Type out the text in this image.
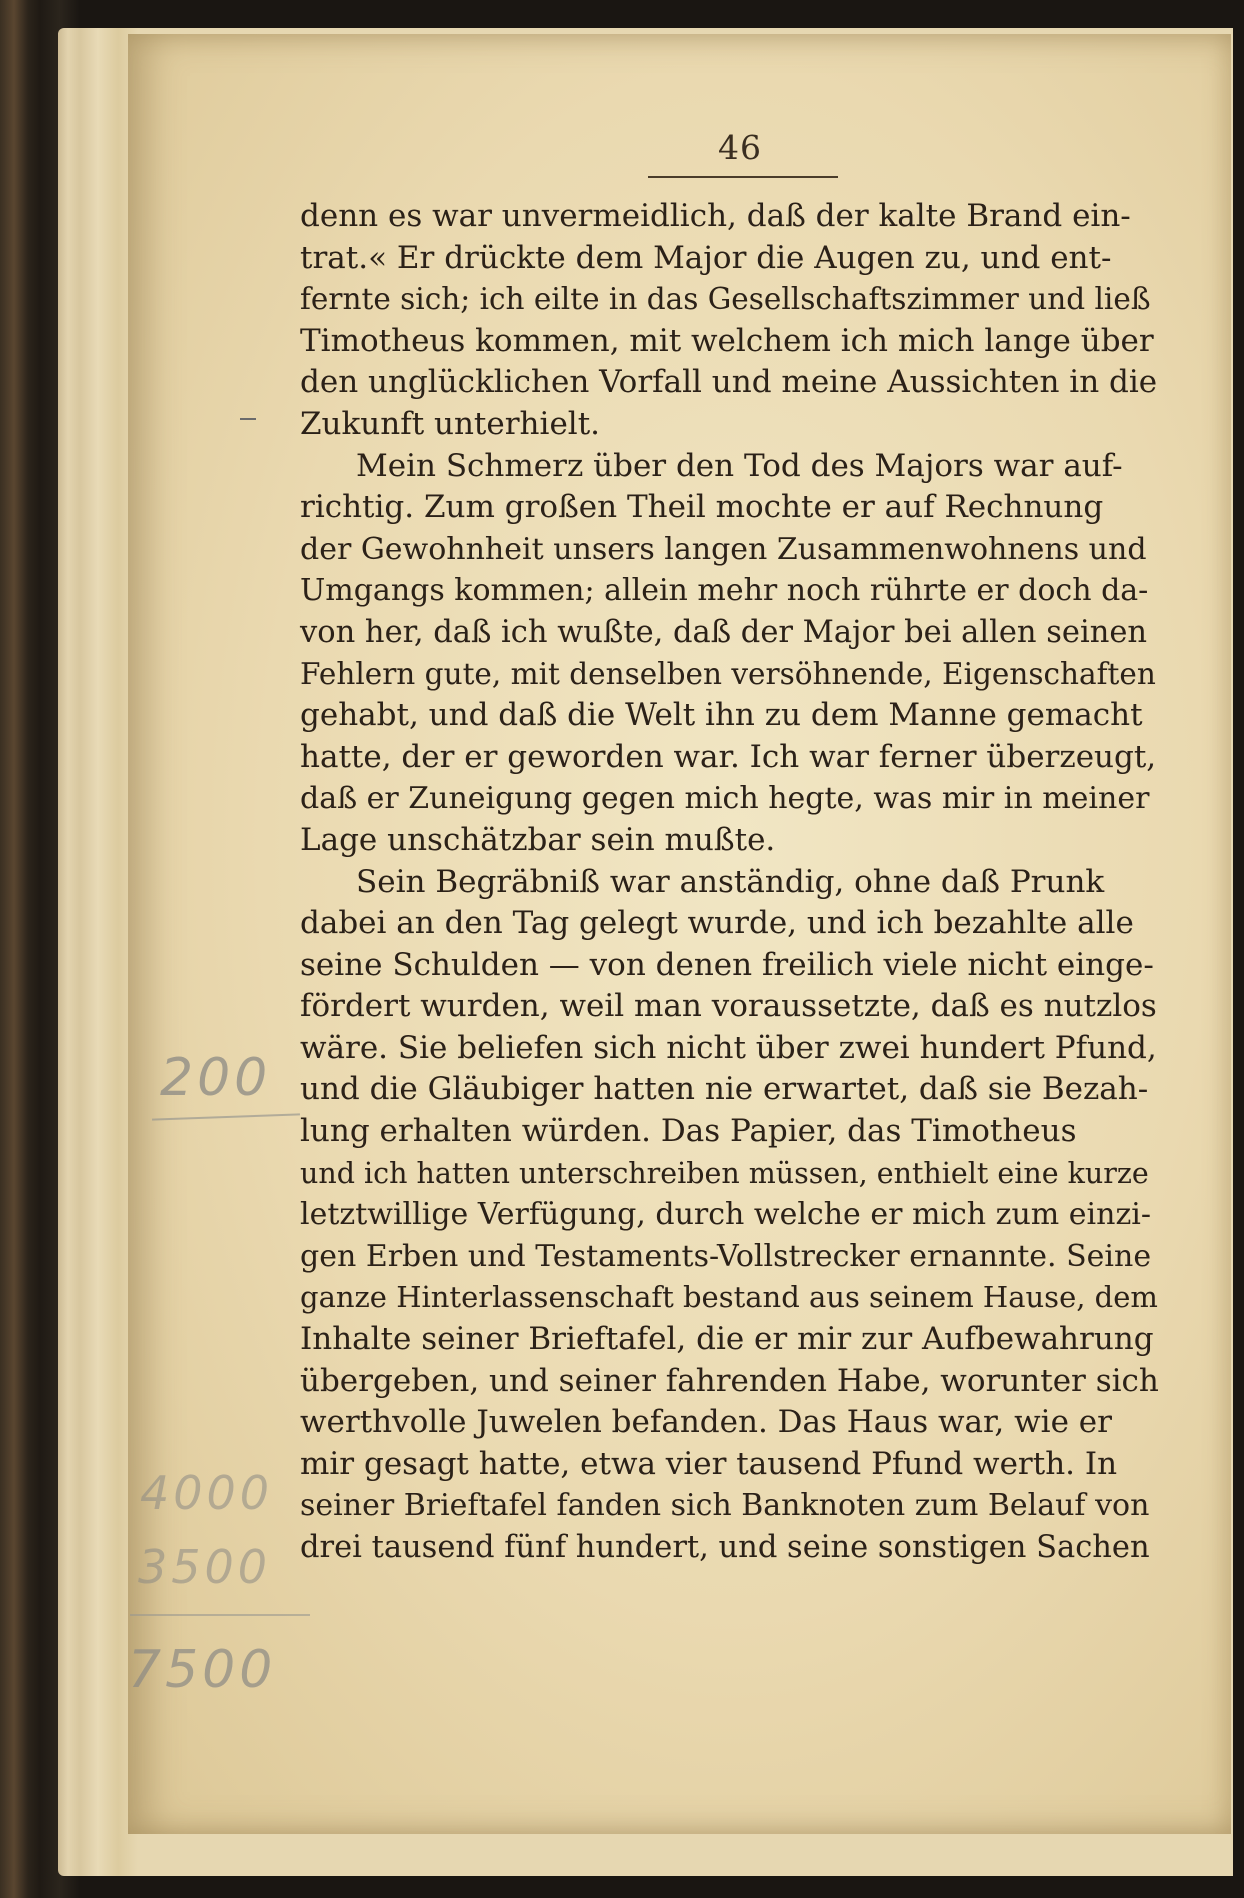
46
200
4000
3500
7500
denn es war unvermeidlich, daß der kalte Brand ein-
trat.« Er drückte dem Major die Augen zu, und ent-
fernte sich; ich eilte in das Gesellschaftszimmer und ließ
Timotheus kommen, mit welchem ich mich lange über
den unglücklichen Vorfall und meine Aussichten in die
Zukunft unterhielt.
Mein Schmerz über den Tod des Majors war auf-
richtig. Zum großen Theil mochte er auf Rechnung
der Gewohnheit unsers langen Zusammenwohnens und
Umgangs kommen; allein mehr noch rührte er doch da-
von her, daß ich wußte, daß der Major bei allen seinen
Fehlern gute, mit denselben versöhnende, Eigenschaften
gehabt, und daß die Welt ihn zu dem Manne gemacht
hatte, der er geworden war. Ich war ferner überzeugt,
daß er Zuneigung gegen mich hegte, was mir in meiner
Lage unschätzbar sein mußte.
Sein Begräbniß war anständig, ohne daß Prunk
dabei an den Tag gelegt wurde, und ich bezahlte alle
seine Schulden — von denen freilich viele nicht einge-
fördert wurden, weil man voraussetzte, daß es nutzlos
wäre. Sie beliefen sich nicht über zwei hundert Pfund,
und die Gläubiger hatten nie erwartet, daß sie Bezah-
lung erhalten würden. Das Papier, das Timotheus
und ich hatten unterschreiben müssen, enthielt eine kurze
letztwillige Verfügung, durch welche er mich zum einzi-
gen Erben und Testaments-Vollstrecker ernannte. Seine
ganze Hinterlassenschaft bestand aus seinem Hause, dem
Inhalte seiner Brieftafel, die er mir zur Aufbewahrung
übergeben, und seiner fahrenden Habe, worunter sich
werthvolle Juwelen befanden. Das Haus war, wie er
mir gesagt hatte, etwa vier tausend Pfund werth. In
seiner Brieftafel fanden sich Banknoten zum Belauf von
drei tausend fünf hundert, und seine sonstigen Sachen
